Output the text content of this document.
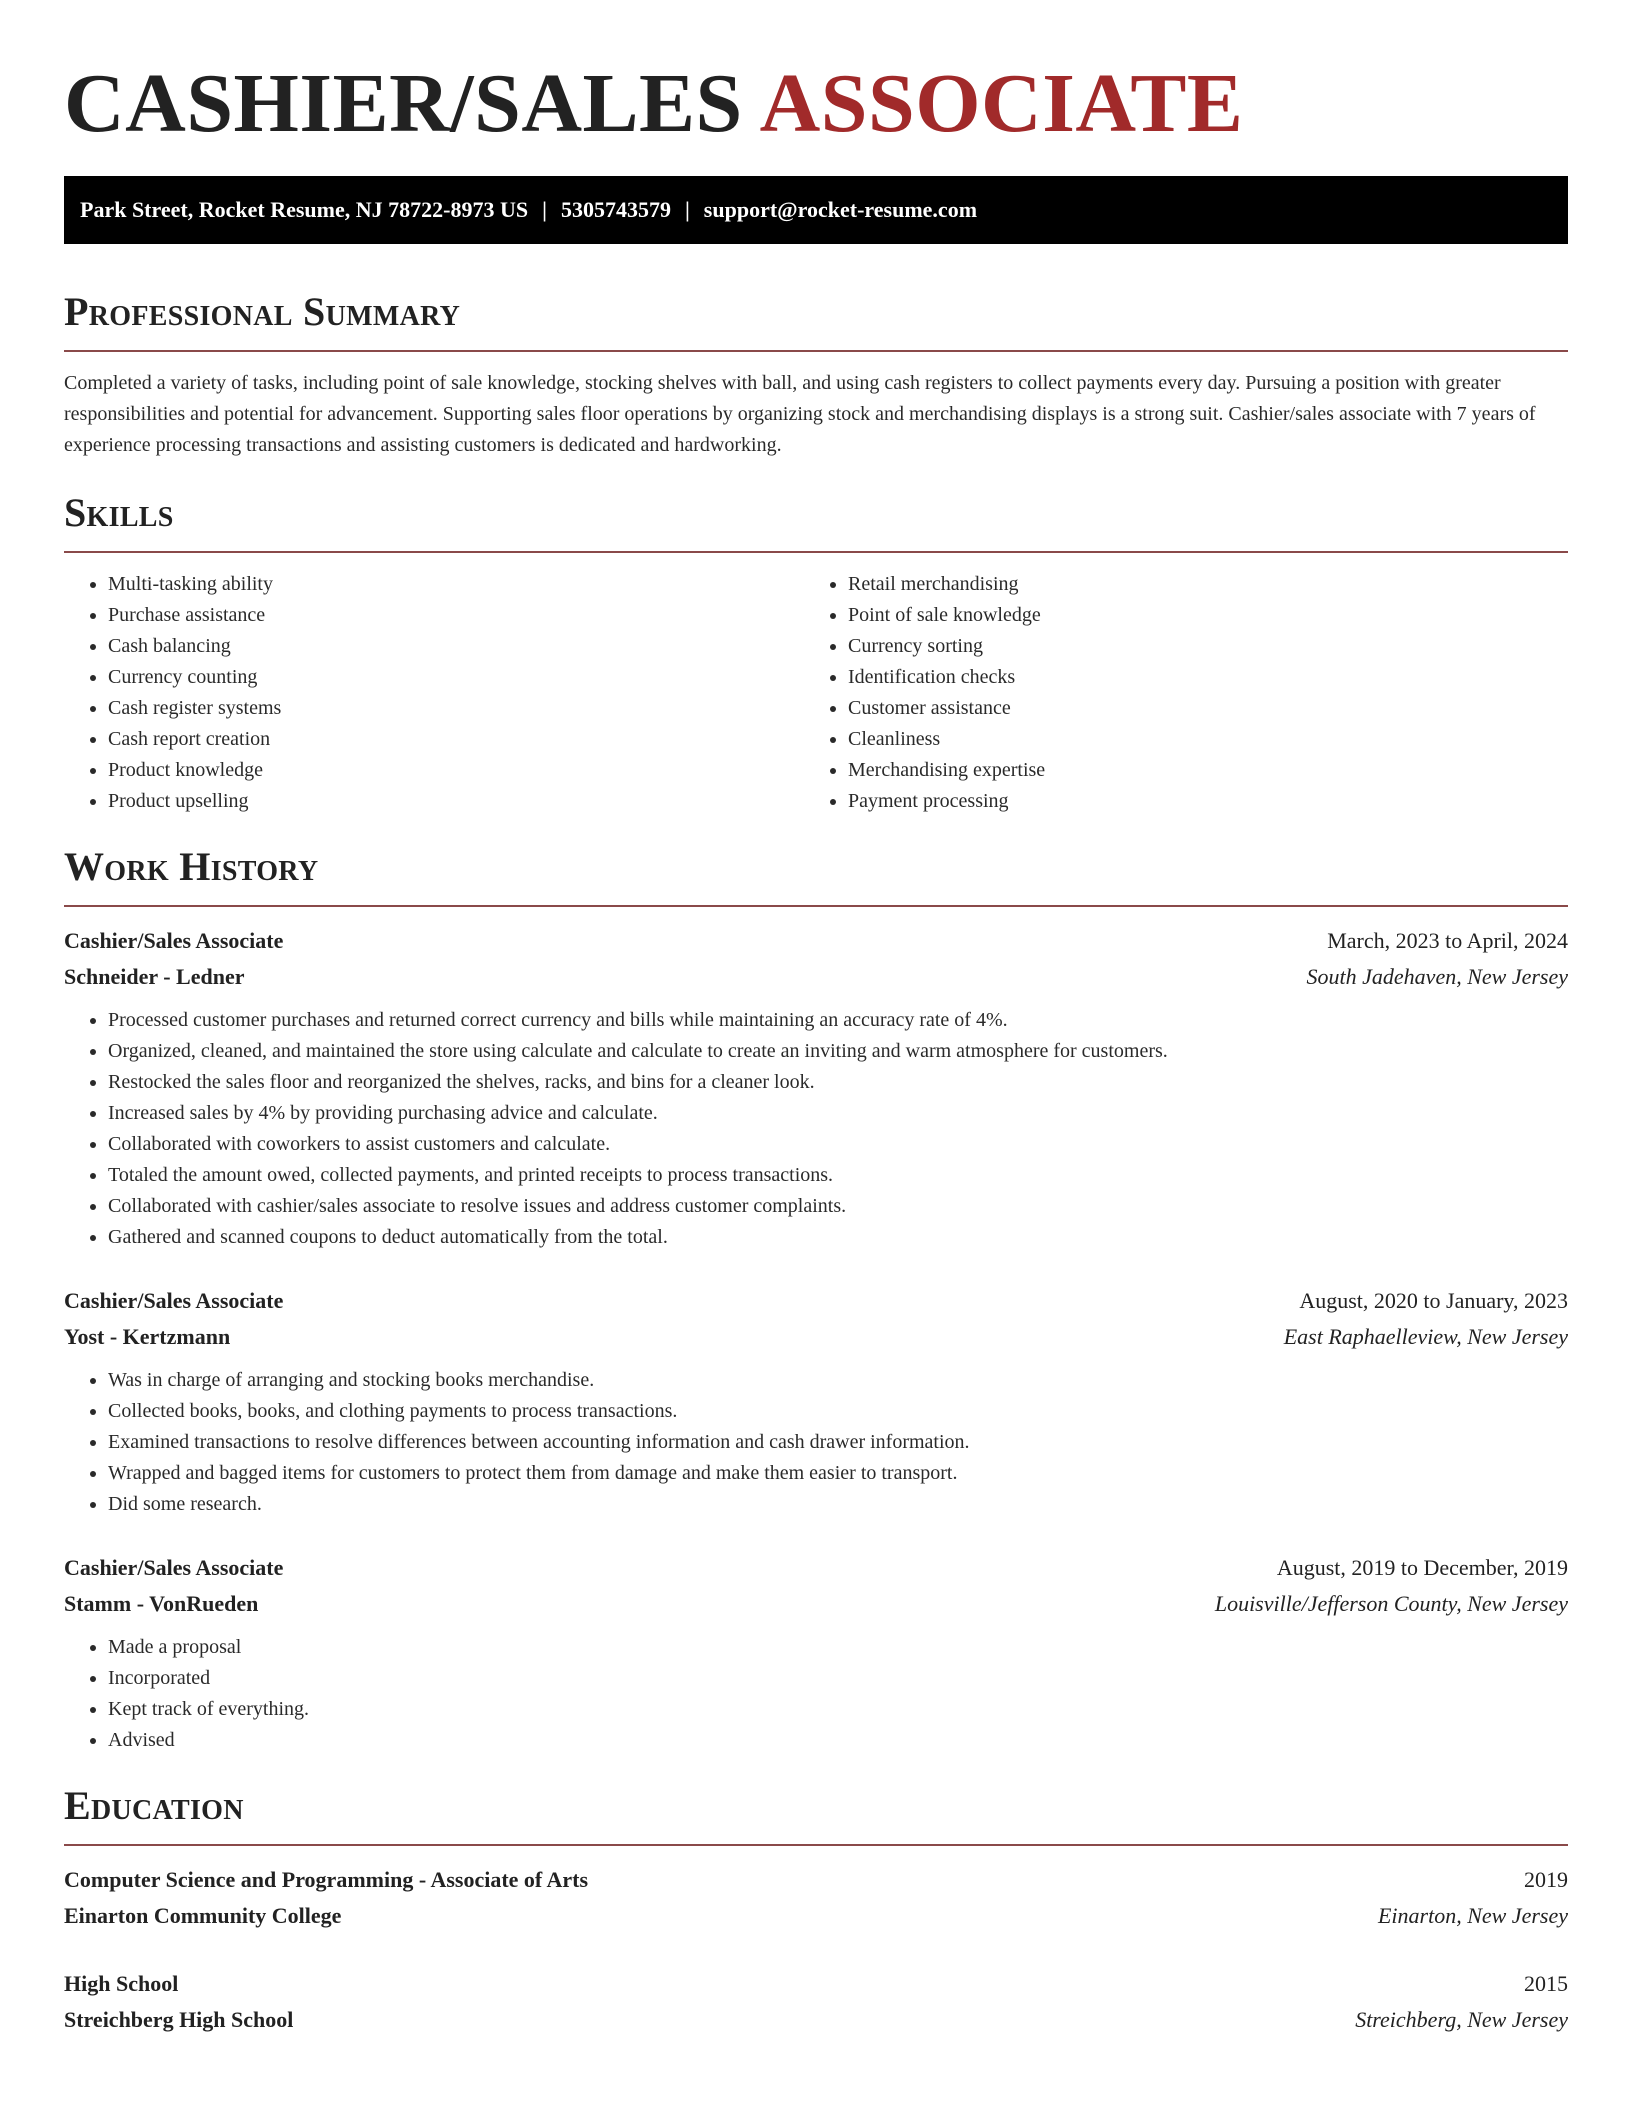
CASHIER/SALES ASSOCIATE
Park Street, Rocket Resume, NJ 78722-8973 US | 5305743579 | support@rocket-resume.com
Professional Summary

Completed a variety of tasks, including point of sale knowledge, stocking shelves with ball, and using cash registers to collect payments every day. Pursuing a position with greater responsibilities and potential for advancement. Supporting sales floor operations by organizing stock and merchandising displays is a strong suit. Cashier/sales associate with 7 years of experience processing transactions and assisting customers is dedicated and hardworking.

Skills
• Multi-tasking ability
• Purchase assistance
• Cash balancing
• Currency counting
• Cash register systems
• Cash report creation
• Product knowledge
• Product upselling
• Retail merchandising
• Point of sale knowledge
• Currency sorting
• Identification checks
• Customer assistance
• Cleanliness
• Merchandising expertise
• Payment processing
Work History
Cashier/Sales Associate	March, 2023 to April, 2024
Schneider - Ledner	South Jadehaven, New Jersey
• Processed customer purchases and returned correct currency and bills while maintaining an accuracy rate of 4%.
• Organized, cleaned, and maintained the store using calculate and calculate to create an inviting and warm atmosphere for customers.
• Restocked the sales floor and reorganized the shelves, racks, and bins for a cleaner look.
• Increased sales by 4% by providing purchasing advice and calculate.
• Collaborated with coworkers to assist customers and calculate.
• Totaled the amount owed, collected payments, and printed receipts to process transactions.
• Collaborated with cashier/sales associate to resolve issues and address customer complaints.
• Gathered and scanned coupons to deduct automatically from the total.
Cashier/Sales Associate	August, 2020 to January, 2023
Yost - Kertzmann	East Raphaelleview, New Jersey
• Was in charge of arranging and stocking books merchandise.
• Collected books, books, and clothing payments to process transactions.
• Examined transactions to resolve differences between accounting information and cash drawer information.
• Wrapped and bagged items for customers to protect them from damage and make them easier to transport.
• Did some research.
Cashier/Sales Associate	August, 2019 to December, 2019
Stamm - VonRueden	Louisville/Jefferson County, New Jersey
• Made a proposal
• Incorporated
• Kept track of everything.
• Advised
Education
Computer Science and Programming - Associate of Arts	2019
Einarton Community College	Einarton, New Jersey
High School	2015
Streichberg High School	Streichberg, New Jersey
